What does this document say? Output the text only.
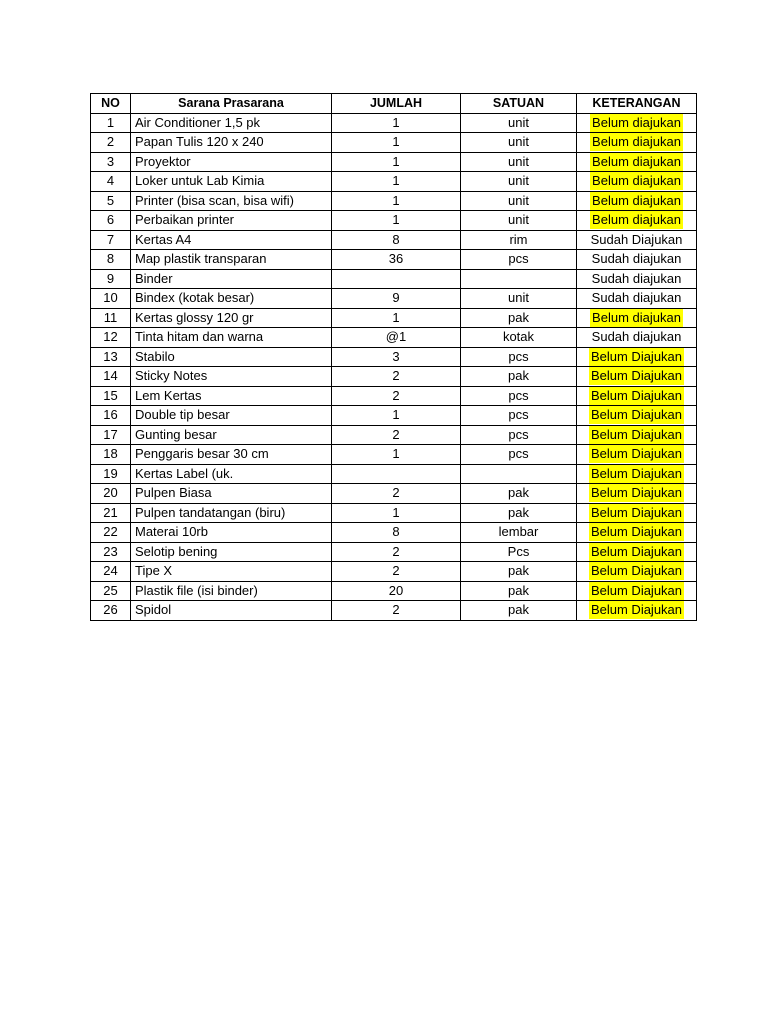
NO	Sarana Prasarana	JUMLAH	SATUAN	KETERANGAN
1	Air Conditioner 1,5 pk	1	unit	Belum diajukan
2	Papan Tulis 120 x 240	1	unit	Belum diajukan
3	Proyektor	1	unit	Belum diajukan
4	Loker untuk Lab Kimia	1	unit	Belum diajukan
5	Printer (bisa scan, bisa wifi)	1	unit	Belum diajukan
6	Perbaikan printer	1	unit	Belum diajukan
7	Kertas A4	8	rim	Sudah Diajukan
8	Map plastik transparan	36	pcs	Sudah diajukan
9	Binder			Sudah diajukan
10	Bindex (kotak besar)	9	unit	Sudah diajukan
11	Kertas glossy 120 gr	1	pak	Belum diajukan
12	Tinta hitam dan warna	@1	kotak	Sudah diajukan
13	Stabilo	3	pcs	Belum Diajukan
14	Sticky Notes	2	pak	Belum Diajukan
15	Lem Kertas	2	pcs	Belum Diajukan
16	Double tip besar	1	pcs	Belum Diajukan
17	Gunting besar	2	pcs	Belum Diajukan
18	Penggaris besar 30 cm	1	pcs	Belum Diajukan
19	Kertas Label (uk.			Belum Diajukan
20	Pulpen Biasa	2	pak	Belum Diajukan
21	Pulpen tandatangan (biru)	1	pak	Belum Diajukan
22	Materai 10rb	8	lembar	Belum Diajukan
23	Selotip bening	2	Pcs	Belum Diajukan
24	Tipe X	2	pak	Belum Diajukan
25	Plastik file (isi binder)	20	pak	Belum Diajukan
26	Spidol	2	pak	Belum Diajukan
